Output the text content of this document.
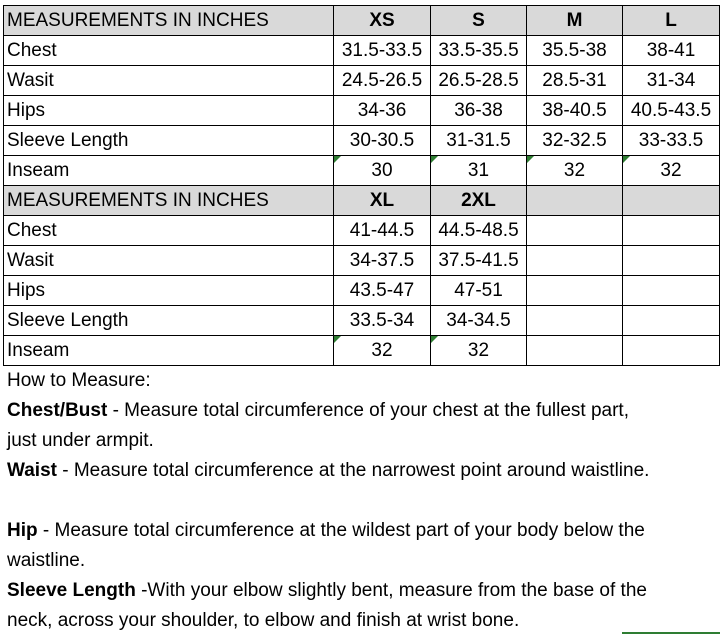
MEASUREMENTS IN INCHES	XS	S	M	L
Chest	31.5-33.5	33.5-35.5	35.5-38	38-41
Wasit	24.5-26.5	26.5-28.5	28.5-31	31-34
Hips	34-36	36-38	38-40.5	40.5-43.5
Sleeve Length	30-30.5	31-31.5	32-32.5	33-33.5
Inseam	30	31	32	32
MEASUREMENTS IN INCHES	XL	2XL		
Chest	41-44.5	44.5-48.5		
Wasit	34-37.5	37.5-41.5		
Hips	43.5-47	47-51		
Sleeve Length	33.5-34	34-34.5		
Inseam	32	32		

How to Measure:

Chest/Bust - Measure total circumference of your chest at the fullest part,

just under armpit.

Waist - Measure total circumference at the narrowest point around waistline.

Hip - Measure total circumference at the wildest part of your body below the

waistline.

Sleeve Length -With your elbow slightly bent, measure from the base of the

neck, across your shoulder, to elbow and finish at wrist bone.
